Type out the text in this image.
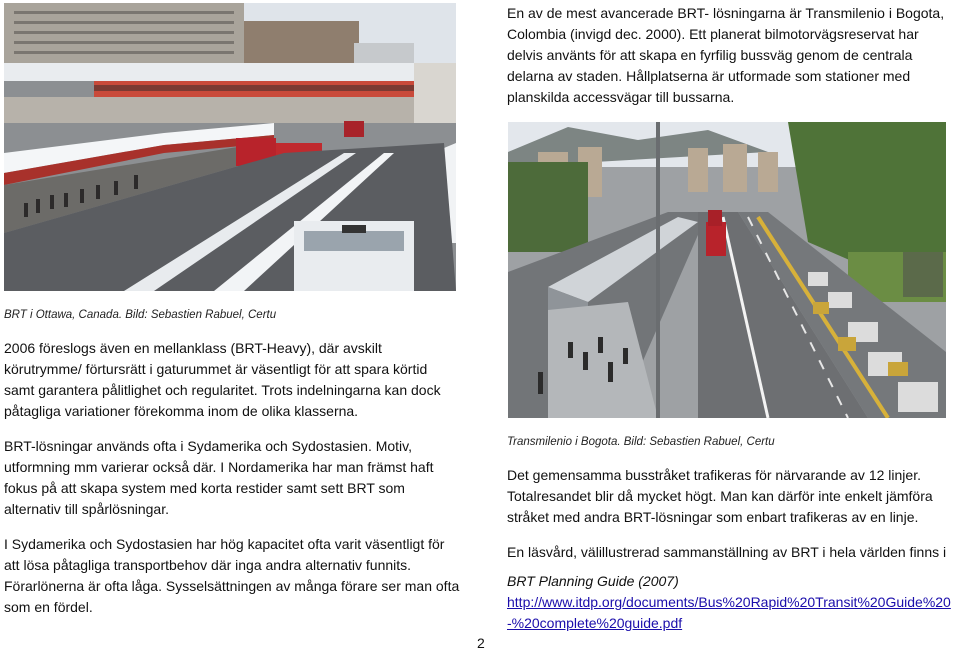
En av de mest avancerade BRT- lösningarna är Transmilenio i Bogota, Colombia (invigd dec. 2000). Ett planerat bilmotorvägsreservat har delvis använts för att skapa en fyrfilig bussväg genom de centrala delarna av staden. Hållplatserna är utformade som stationer med planskilda accessvägar till bussarna.

BRT i Ottawa, Canada. Bild: Sebastien Rabuel, Certu

2006 föreslogs även en mellanklass (BRT-Heavy), där avskilt körutrymme/ förtursrätt i gaturummet är väsentligt för att spara körtid samt garantera pålitlighet och regularitet. Trots indelningarna kan dock påtagliga variationer förekomma inom de olika klasserna.

BRT-lösningar används ofta i Sydamerika och Sydostasien. Motiv, utformning mm varierar också där. I Nordamerika har man främst haft fokus på att skapa system med korta restider samt sett BRT som alternativ till spårlösningar.

I Sydamerika och Sydostasien har hög kapacitet ofta varit väsentligt för att lösa påtagliga transportbehov där inga andra alternativ funnits. Förarlönerna är ofta låga. Sysselsättningen av många förare ser man ofta som en fördel.

Transmilenio i Bogota. Bild: Sebastien Rabuel, Certu

Det gemensamma busstråket trafikeras för närvarande av 12 linjer. Totalresandet blir då mycket högt. Man kan därför inte enkelt jämföra stråket med andra BRT-lösningar som enbart trafikeras av en linje.

En läsvård, välillustrerad sammanställning av BRT i hela världen finns i

BRT Planning Guide (2007)

http://www.itdp.org/documents/Bus%20Rapid%20Transit%20Guide%20-%20complete%20guide.pdf

2
